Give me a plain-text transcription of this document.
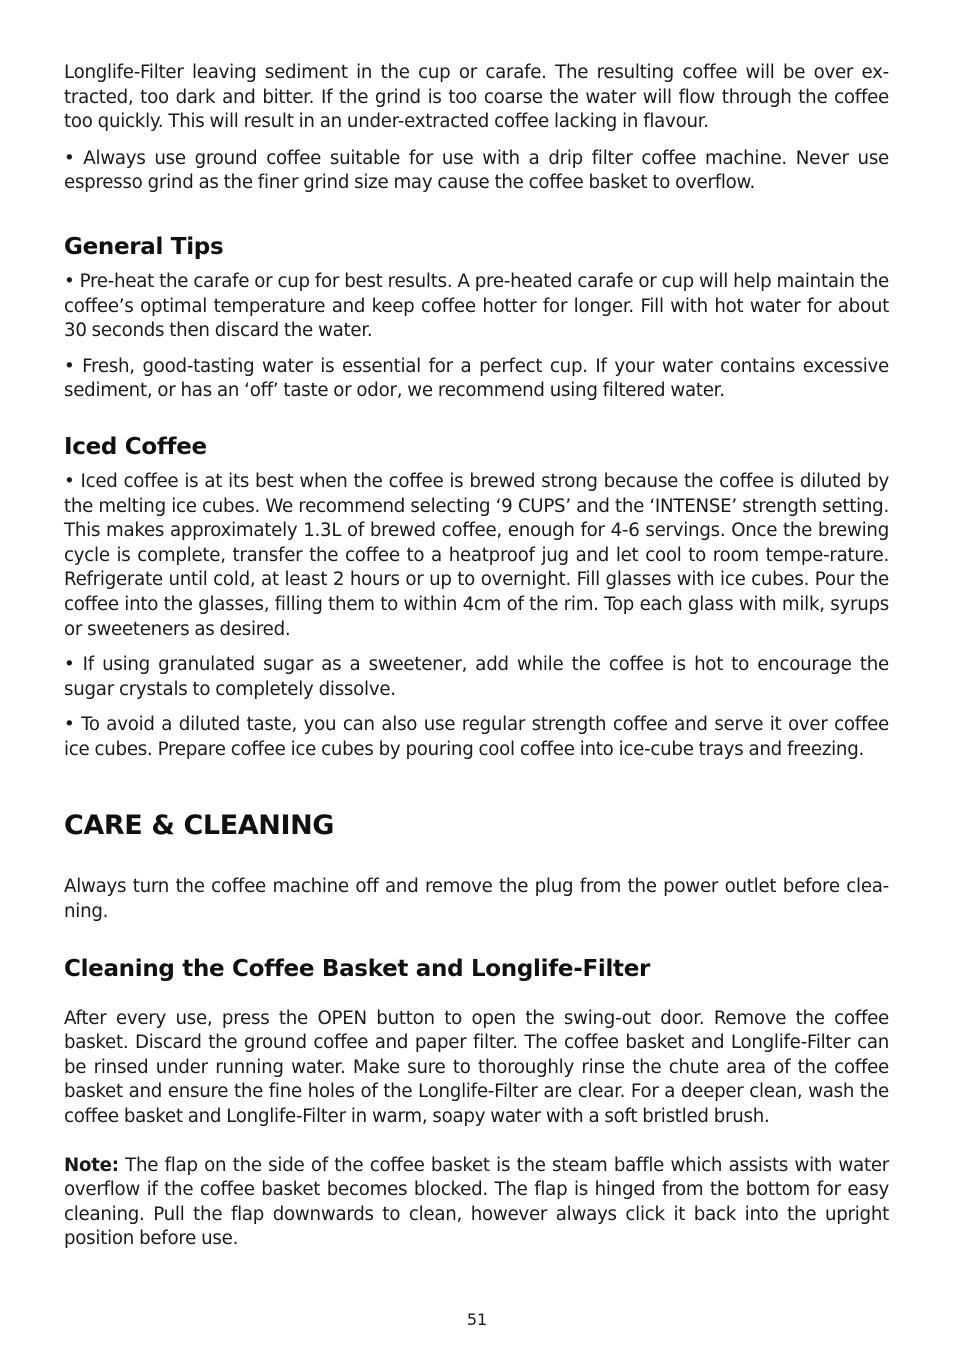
Longlife-Filter leaving sediment in the cup or carafe. The resulting coffee will be over ex-tracted, too dark and bitter. If the grind is too coarse the water will flow through the coffee too quickly. This will result in an under-extracted coffee lacking in flavour.

• Always use ground coffee suitable for use with a drip filter coffee machine. Never use espresso grind as the finer grind size may cause the coffee basket to overflow.

General Tips

• Pre-heat the carafe or cup for best results. A pre-heated carafe or cup will help maintain the coffee’s optimal temperature and keep coffee hotter for longer. Fill with hot water for about 30 seconds then discard the water.

• Fresh, good-tasting water is essential for a perfect cup. If your water contains excessive sediment, or has an ‘off’ taste or odor, we recommend using filtered water.

Iced Coffee

• Iced coffee is at its best when the coffee is brewed strong because the coffee is diluted by the melting ice cubes. We recommend selecting ‘9 CUPS’ and the ‘INTENSE’ strength setting. This makes approximately 1.3L of brewed coffee, enough for 4-6 servings. Once the brewing cycle is complete, transfer the coffee to a heatproof jug and let cool to room tempe-rature. Refrigerate until cold, at least 2 hours or up to overnight. Fill glasses with ice cubes. Pour the coffee into the glasses, filling them to within 4cm of the rim. Top each glass with milk, syrups or sweeteners as desired.

• If using granulated sugar as a sweetener, add while the coffee is hot to encourage the sugar crystals to completely dissolve.

• To avoid a diluted taste, you can also use regular strength coffee and serve it over coffee ice cubes. Prepare coffee ice cubes by pouring cool coffee into ice-cube trays and freezing.

CARE & CLEANING

Always turn the coffee machine off and remove the plug from the power outlet before clea-ning.

Cleaning the Coffee Basket and Longlife-Filter

After every use, press the OPEN button to open the swing-out door. Remove the coffee basket. Discard the ground coffee and paper filter. The coffee basket and Longlife-Filter can be rinsed under running water. Make sure to thoroughly rinse the chute area of the coffee basket and ensure the fine holes of the Longlife-Filter are clear. For a deeper clean, wash the coffee basket and Longlife-Filter in warm, soapy water with a soft bristled brush.

Note: The flap on the side of the coffee basket is the steam baffle which assists with water overflow if the coffee basket becomes blocked. The flap is hinged from the bottom for easy cleaning. Pull the flap downwards to clean, however always click it back into the upright position before use.

51
